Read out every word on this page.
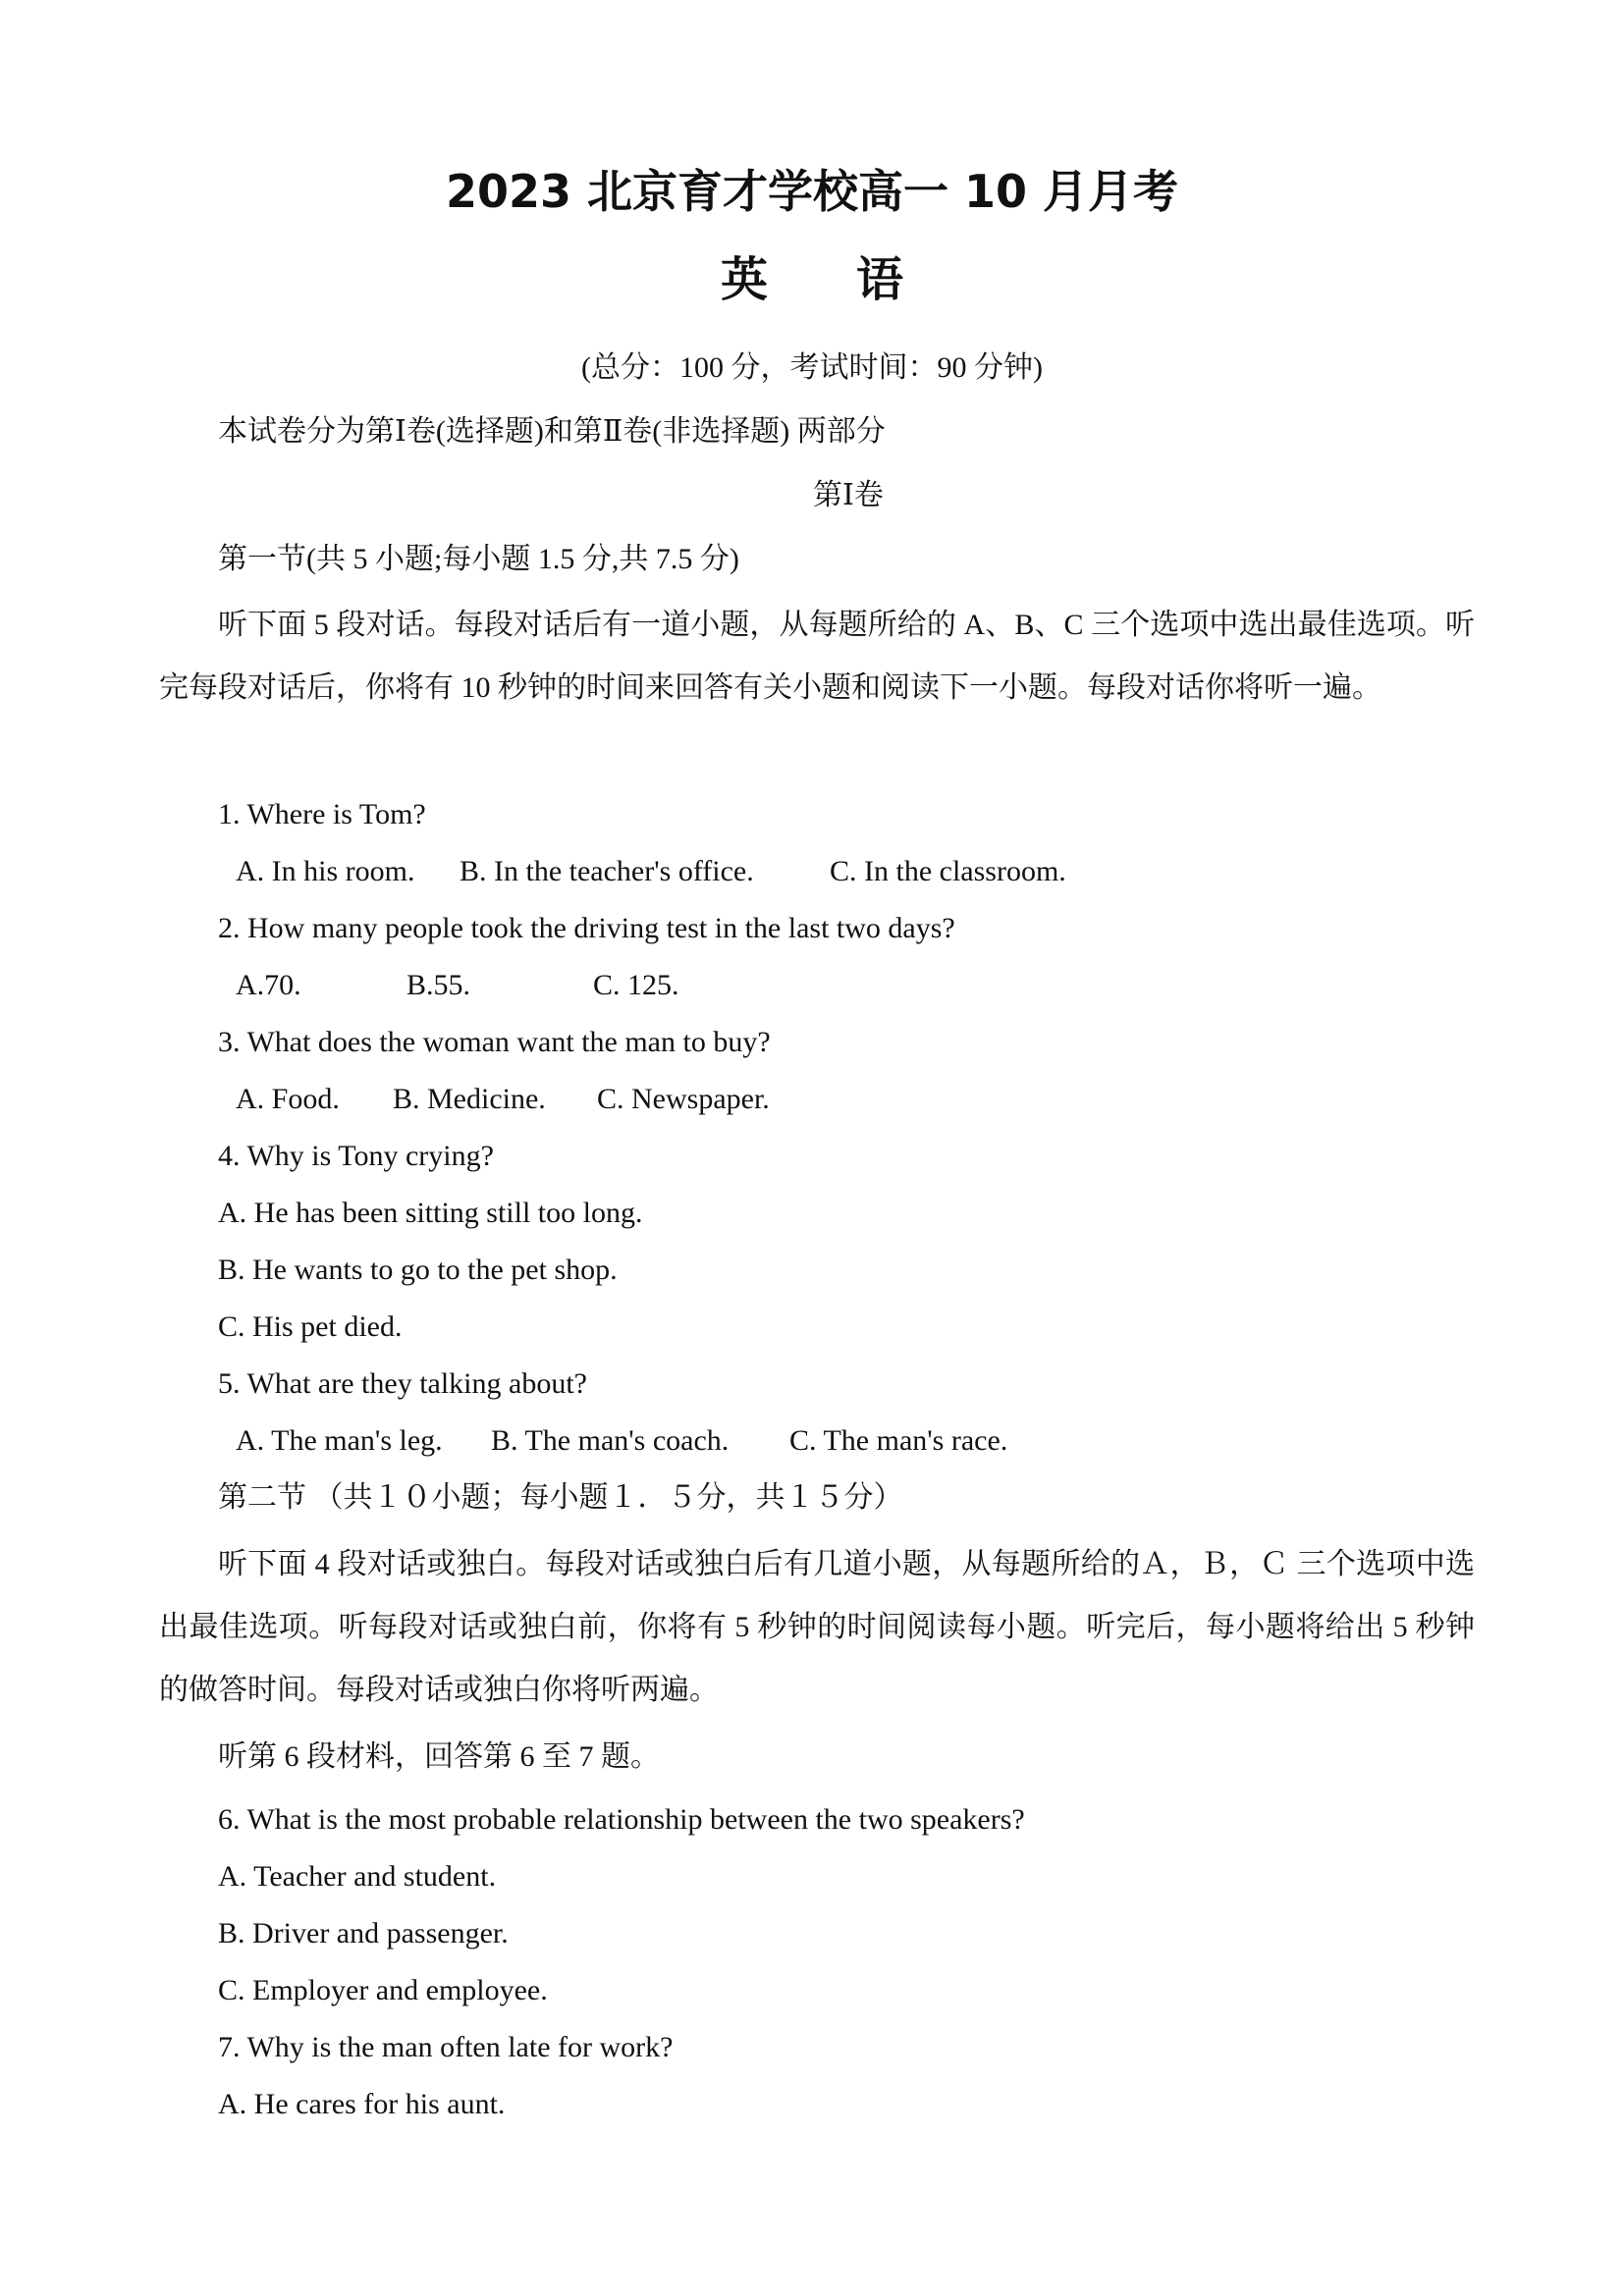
2023 北京育才学校高一 10 月月考
英语
(总分：100 分，考试时间：90 分钟)
本试卷分为第Ⅰ卷(选择题)和第Ⅱ卷(非选择题) 两部分
第Ⅰ卷
第一节(共 5 小题;每小题 1.5 分,共 7.5 分)
听下面 5 段对话。每段对话后有一道小题，从每题所给的 A、B、C 三个选项中选出最佳选项。听完每段对话后，你将有 10 秒钟的时间来回答有关小题和阅读下一小题。每段对话你将听一遍。
1. Where is Tom?
A. In his room. B. In the teacher's office.	C. In the classroom.
2. How many people took the driving test in the last two days?
A.70.	B.55.	C. 125.
3. What does the woman want the man to buy?
A. Food. B. Medicine. C. Newspaper.
4. Why is Tony crying?
A. He has been sitting still too long.
B. He wants to go to the pet shop.
C. His pet died.
5. What are they talking about?
A. The man's leg. B. The man's coach. C. The man's race.
第二节 （共１０小题；每小题１．５分，共１５分）
听下面 4 段对话或独白。每段对话或独白后有几道小题，从每题所给的Ａ，Ｂ，Ｃ 三个选项中选出最佳选项。听每段对话或独白前，你将有 5 秒钟的时间阅读每小题。听完后，每小题将给出 5 秒钟的做答时间。每段对话或独白你将听两遍。
听第 6 段材料，回答第 6 至 7 题。
6. What is the most probable relationship between the two speakers?
A. Teacher and student.
B. Driver and passenger.
C. Employer and employee.
7. Why is the man often late for work?
A. He cares for his aunt.
